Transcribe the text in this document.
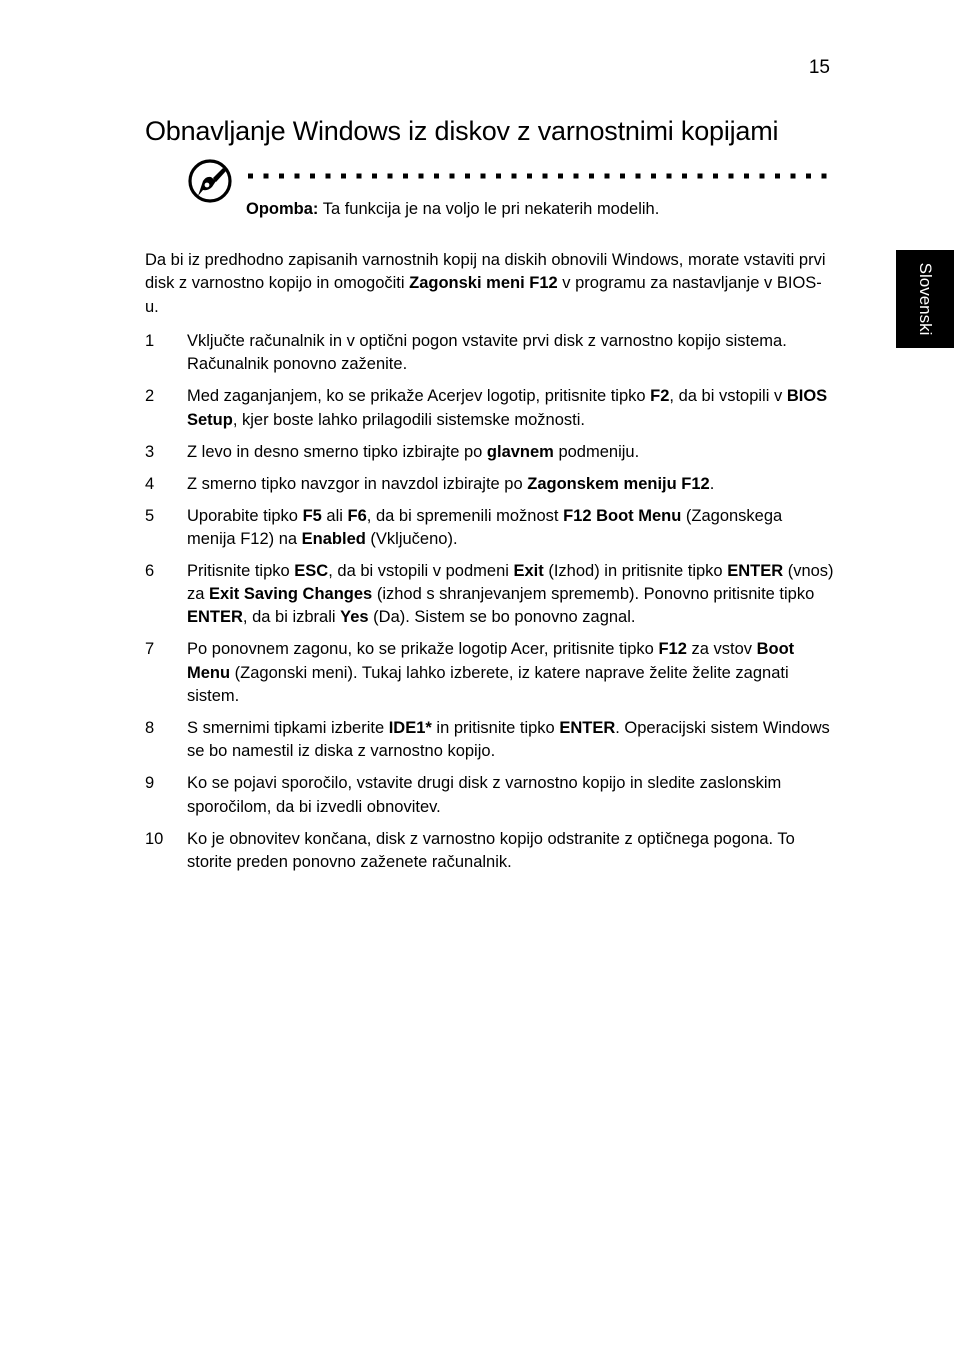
15
Obnavljanje Windows iz diskov z varnostnimi kopijami
Opomba: Ta funkcija je na voljo le pri nekaterih modelih.

Da bi iz predhodno zapisanih varnostnih kopij na diskih obnovili Windows, morate vstaviti prvi disk z varnostno kopijo in omogočiti Zagonski meni F12 v programu za nastavljanje v BIOS-u.

1	Vključte računalnik in v optični pogon vstavite prvi disk z varnostno kopijo sistema. Računalnik ponovno zaženite.
2	Med zaganjanjem, ko se prikaže Acerjev logotip, pritisnite tipko F2, da bi vstopili v BIOS Setup, kjer boste lahko prilagodili sistemske možnosti.
3	Z levo in desno smerno tipko izbirajte po glavnem podmeniju.
4	Z smerno tipko navzgor in navzdol izbirajte po Zagonskem meniju F12.
5	Uporabite tipko F5 ali F6, da bi spremenili možnost F12 Boot Menu (Zagonskega menija F12) na Enabled (Vključeno).
6	Pritisnite tipko ESC, da bi vstopili v podmeni Exit (Izhod) in pritisnite tipko ENTER (vnos) za Exit Saving Changes (izhod s shranjevanjem sprememb). Ponovno pritisnite tipko ENTER, da bi izbrali Yes (Da). Sistem se bo ponovno zagnal.
7	Po ponovnem zagonu, ko se prikaže logotip Acer, pritisnite tipko F12 za vstov Boot Menu (Zagonski meni). Tukaj lahko izberete, iz katere naprave želite želite zagnati sistem.
8	S smernimi tipkami izberite IDE1* in pritisnite tipko ENTER. Operacijski sistem Windows se bo namestil iz diska z varnostno kopijo.
9	Ko se pojavi sporočilo, vstavite drugi disk z varnostno kopijo in sledite zaslonskim sporočilom, da bi izvedli obnovitev.
10	Ko je obnovitev končana, disk z varnostno kopijo odstranite z optičnega pogona. To storite preden ponovno zaženete računalnik.
Slovenski
